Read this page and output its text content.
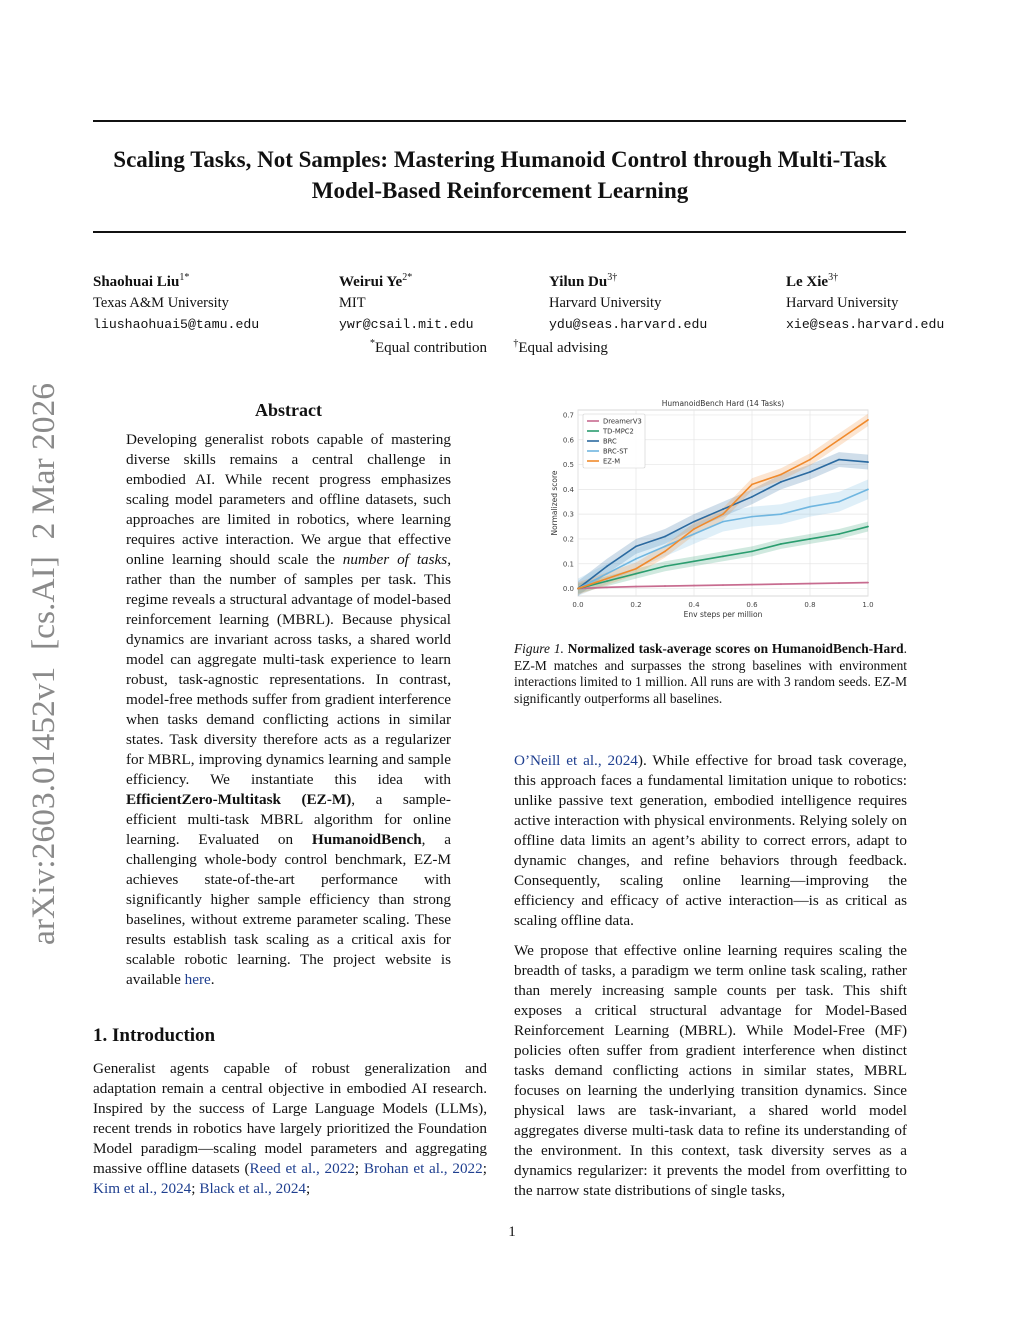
Scaling Tasks, Not Samples: Mastering Humanoid Control through Multi-Task Model-Based Reinforcement Learning
Shaohuai Liu$^{1*}$
Texas A&M University
liushaohuai5@tamu.edu
Weirui $Ye^{2*}$
MIT
ywr@csail.mit.edu
Yilun $Du^{3\dagger}$
Harvard University
ydu@seas.harvard.edu
Le Xie$^{3\dagger}$
Harvard University
xie@seas.harvard.edu
*Equal contribution	†Equal advising
arXiv:2603.01452v1  [cs.AI]  2 Mar 2026	Abstract
Developing generalist robots capable of mastering diverse skills remains a central challenge in embodied AI. While recent progress emphasizes scaling model parameters and offline datasets, such approaches are limited in robotics, where learning requires active interaction. We argue that effective online learning should scale the number of tasks, rather than the number of samples per task. This regime reveals a structural advantage of model-based reinforcement learning (MBRL). Because physical dynamics are invariant across tasks, a shared world model can aggregate multi-task experience to learn robust, task-agnostic representations. In contrast, model-free methods suffer from gradient interference when tasks demand conflicting actions in similar states. Task diversity therefore acts as a regularizer for MBRL, improving dynamics learning and sample efficiency. We instantiate this idea with EfficientZero-Multitask (EZ-M), a sample-efficient multi-task MBRL algorithm for online learning. Evaluated on HumanoidBench, a challenging whole-body control benchmark, EZ-M achieves state-of-the-art performance with significantly higher sample efficiency than strong baselines, without extreme parameter scaling. These results establish task scaling as a critical axis for scalable robotic learning. The project website is available here.
1. Introduction
Generalist agents capable of robust generalization and adaptation remain a central objective in embodied AI research. Inspired by the success of Large Language Models (LLMs), recent trends in robotics have largely prioritized the Foundation Model paradigm—scaling model parameters and aggregating massive offline datasets (Reed et al., 2022; Brohan et al., 2022; Kim et al., 2024; Black et al., 2024;
0.0
0.1
0.2
0.3
0.4
0.5
0.6
0.7
0.0	0.2	0.4	0.6	0.8	1.0
HumanoidBench Hard (14 Tasks)
Env steps per million
Normalized score
DreamerV3
TD-MPC2
BRC
BRC-ST
EZ-M
Figure 1. Normalized task-average scores on HumanoidBench-Hard. EZ-M matches and surpasses the strong baselines with environment interactions limited to 1 million. All runs are with 3 random seeds. EZ-M significantly outperforms all baselines.
O’Neill et al., 2024). While effective for broad task coverage, this approach faces a fundamental limitation unique to robotics: unlike passive text generation, embodied intelligence requires active interaction with physical environments. Relying solely on offline data limits an agent’s ability to correct errors, adapt to dynamic changes, and refine behaviors through feedback. Consequently, scaling online learning—improving the efficiency and efficacy of active interaction—is as critical as scaling offline data.
We propose that effective online learning requires scaling the breadth of tasks, a paradigm we term online task scaling, rather than merely increasing sample counts per task. This shift exposes a critical structural advantage for Model-Based Reinforcement Learning (MBRL). While Model-Free (MF) policies often suffer from gradient interference when distinct tasks demand conflicting actions in similar states, MBRL focuses on learning the underlying transition dynamics. Since physical laws are task-invariant, a shared world model aggregates diverse multi-task data to refine its understanding of the environment. In this context, task diversity serves as a dynamics regularizer: it prevents the model from overfitting to the narrow state distributions of single tasks,
1
